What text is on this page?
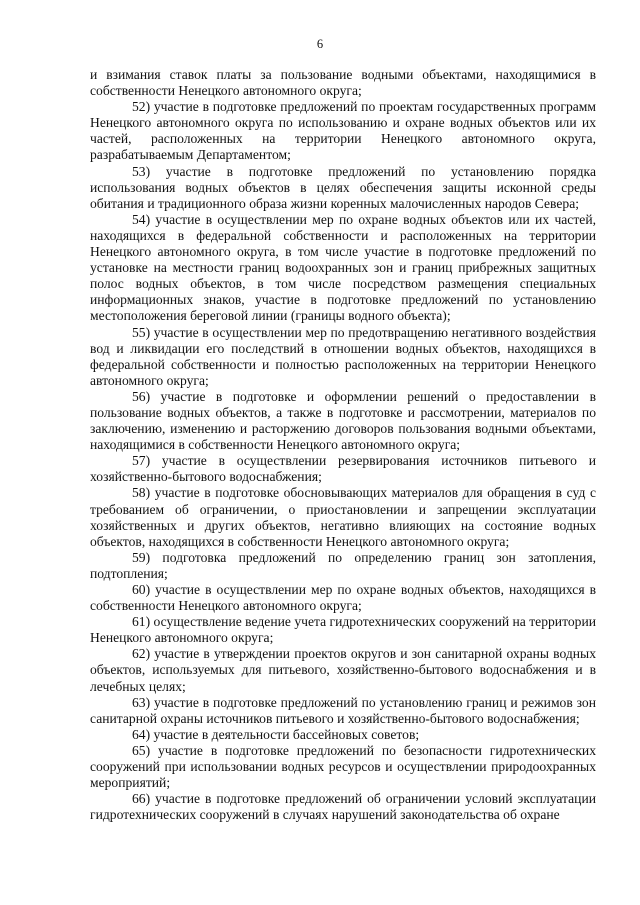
6

и взимания ставок платы за пользование водными объектами, находящимися в собственности Ненецкого автономного округа;

52) участие в подготовке предложений по проектам государственных программ Ненецкого автономного округа по использованию и охране водных объектов или их частей, расположенных на территории Ненецкого автономного округа, разрабатываемым Департаментом;

53) участие в подготовке предложений по установлению порядка использования водных объектов в целях обеспечения защиты исконной среды обитания и традиционного образа жизни коренных малочисленных народов Севера;

54) участие в осуществлении мер по охране водных объектов или их частей, находящихся в федеральной собственности и расположенных на территории Ненецкого автономного округа, в том числе участие в подготовке предложений по установке на местности границ водоохранных зон и границ прибрежных защитных полос водных объектов, в том числе посредством размещения специальных информационных знаков, участие в подготовке предложений по установлению местоположения береговой линии (границы водного объекта);

55) участие в осуществлении мер по предотвращению негативного воздействия вод и ликвидации его последствий в отношении водных объектов, находящихся в федеральной собственности и полностью расположенных на территории Ненецкого автономного округа;

56) участие в подготовке и оформлении решений о предоставлении в пользование водных объектов, а также в подготовке и рассмотрении, материалов по заключению, изменению и расторжению договоров пользования водными объектами, находящимися в собственности Ненецкого автономного округа;

57) участие в осуществлении резервирования источников питьевого и хозяйственно-бытового водоснабжения;

58) участие в подготовке обосновывающих материалов для обращения в суд с требованием об ограничении, о приостановлении и запрещении эксплуатации хозяйственных и других объектов, негативно влияющих на состояние водных объектов, находящихся в собственности Ненецкого автономного округа;

59) подготовка предложений по определению границ зон затопления, подтопления;

60) участие в осуществлении мер по охране водных объектов, находящихся в собственности Ненецкого автономного округа;

61) осуществление ведение учета гидротехнических сооружений на территории Ненецкого автономного округа;

62) участие в утверждении проектов округов и зон санитарной охраны водных объектов, используемых для питьевого, хозяйственно-бытового водоснабжения и в лечебных целях;

63) участие в подготовке предложений по установлению границ и режимов зон санитарной охраны источников питьевого и хозяйственно-бытового водоснабжения;

64) участие в деятельности бассейновых советов;

65) участие в подготовке предложений по безопасности гидротехнических сооружений при использовании водных ресурсов и осуществлении природоохранных мероприятий;

66) участие в подготовке предложений об ограничении условий эксплуатации гидротехнических сооружений в случаях нарушений законодательства об охране
